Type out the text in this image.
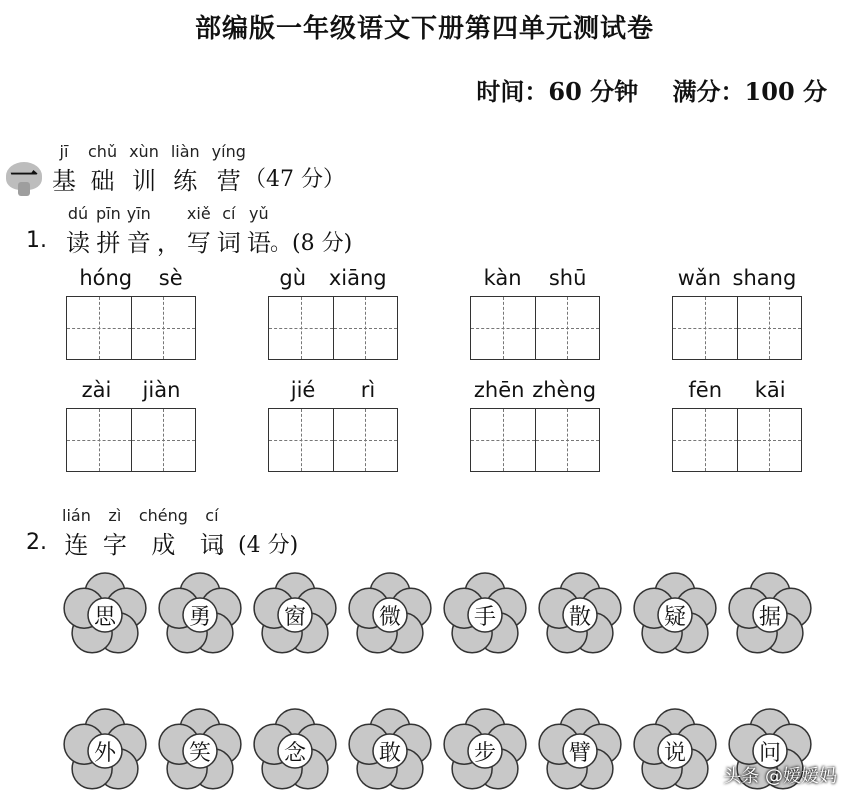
部编版一年级语文下册第四单元测试卷
时间：60 分钟 满分：100 分
一
jī
基
chǔ
础
xùn
训
liàn
练
yíng
营 （47 分）
1.
dú
读
pīn
拼
yīn
音
，
xiě
写
cí
词
yǔ
语 。(8 分)
hóng sè	gù xiāng	kàn shū	wǎn shang
zài jiàn	jié rì	zhēn zhèng	fēn kāi
2.
lián
连
zì
字
chéng
成
cí
词
。(4 分)
思	勇	窗	微	手	散	疑	据
外	笑	念	敢	步	臂	说	问
头条 @嫒嫒妈
